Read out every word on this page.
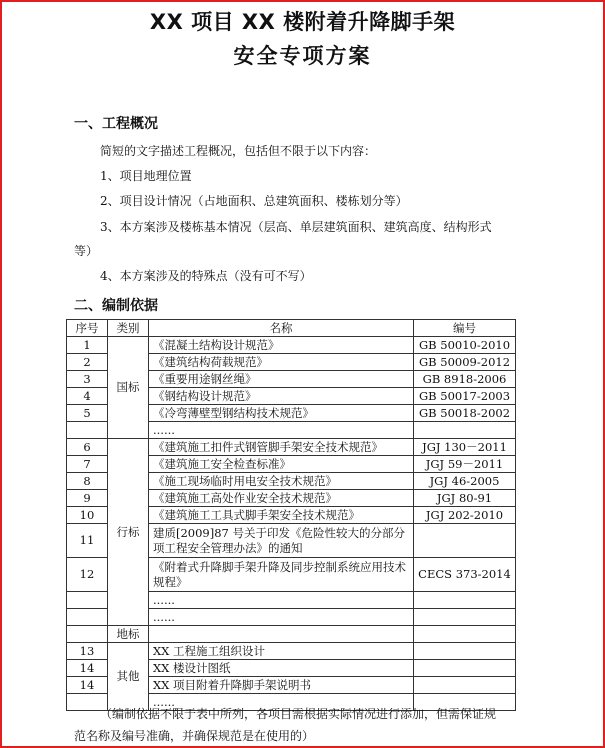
XX 项目 XX 楼附着升降脚手架
安全专项方案
一、工程概况
简短的文字描述工程概况，包括但不限于以下内容：
1、项目地理位置
2、项目设计情况（占地面积、总建筑面积、楼栋划分等）
3、本方案涉及楼栋基本情况（层高、单层建筑面积、建筑高度、结构形式
等）
4、本方案涉及的特殊点（没有可不写）
二、编制依据
序号	类别	名称	编号
1	国标	《混凝土结构设计规范》	GB 50010-2010
2		《建筑结构荷载规范》	GB 50009-2012
3		《重要用途钢丝绳》	GB 8918-2006
4		《钢结构设计规范》	GB 50017-2003
5		《冷弯薄壁型钢结构技术规范》	GB 50018-2002
		......	
6	行标	《建筑施工扣件式钢管脚手架安全技术规范》	JGJ 130－2011
7		《建筑施工安全检查标准》	JGJ 59－2011
8		《施工现场临时用电安全技术规范》	JGJ 46-2005
9		《建筑施工高处作业安全技术规范》	JGJ 80-91
10		《建筑施工工具式脚手架安全技术规范》	JGJ 202-2010
11		建质[2009]87 号关于印发《危险性较大的分部分项工程安全管理办法》的通知	
12		《附着式升降脚手架升降及同步控制系统应用技术规程》	CECS 373-2014
		......	
		......	
	地标		
13	其他	XX 工程施工组织设计	
14		XX 楼设计图纸	
14		XX 项目附着升降脚手架说明书	
		......	
（编制依据不限于表中所列，各项目需根据实际情况进行添加，但需保证规
范名称及编号准确，并确保规范是在使用的）
